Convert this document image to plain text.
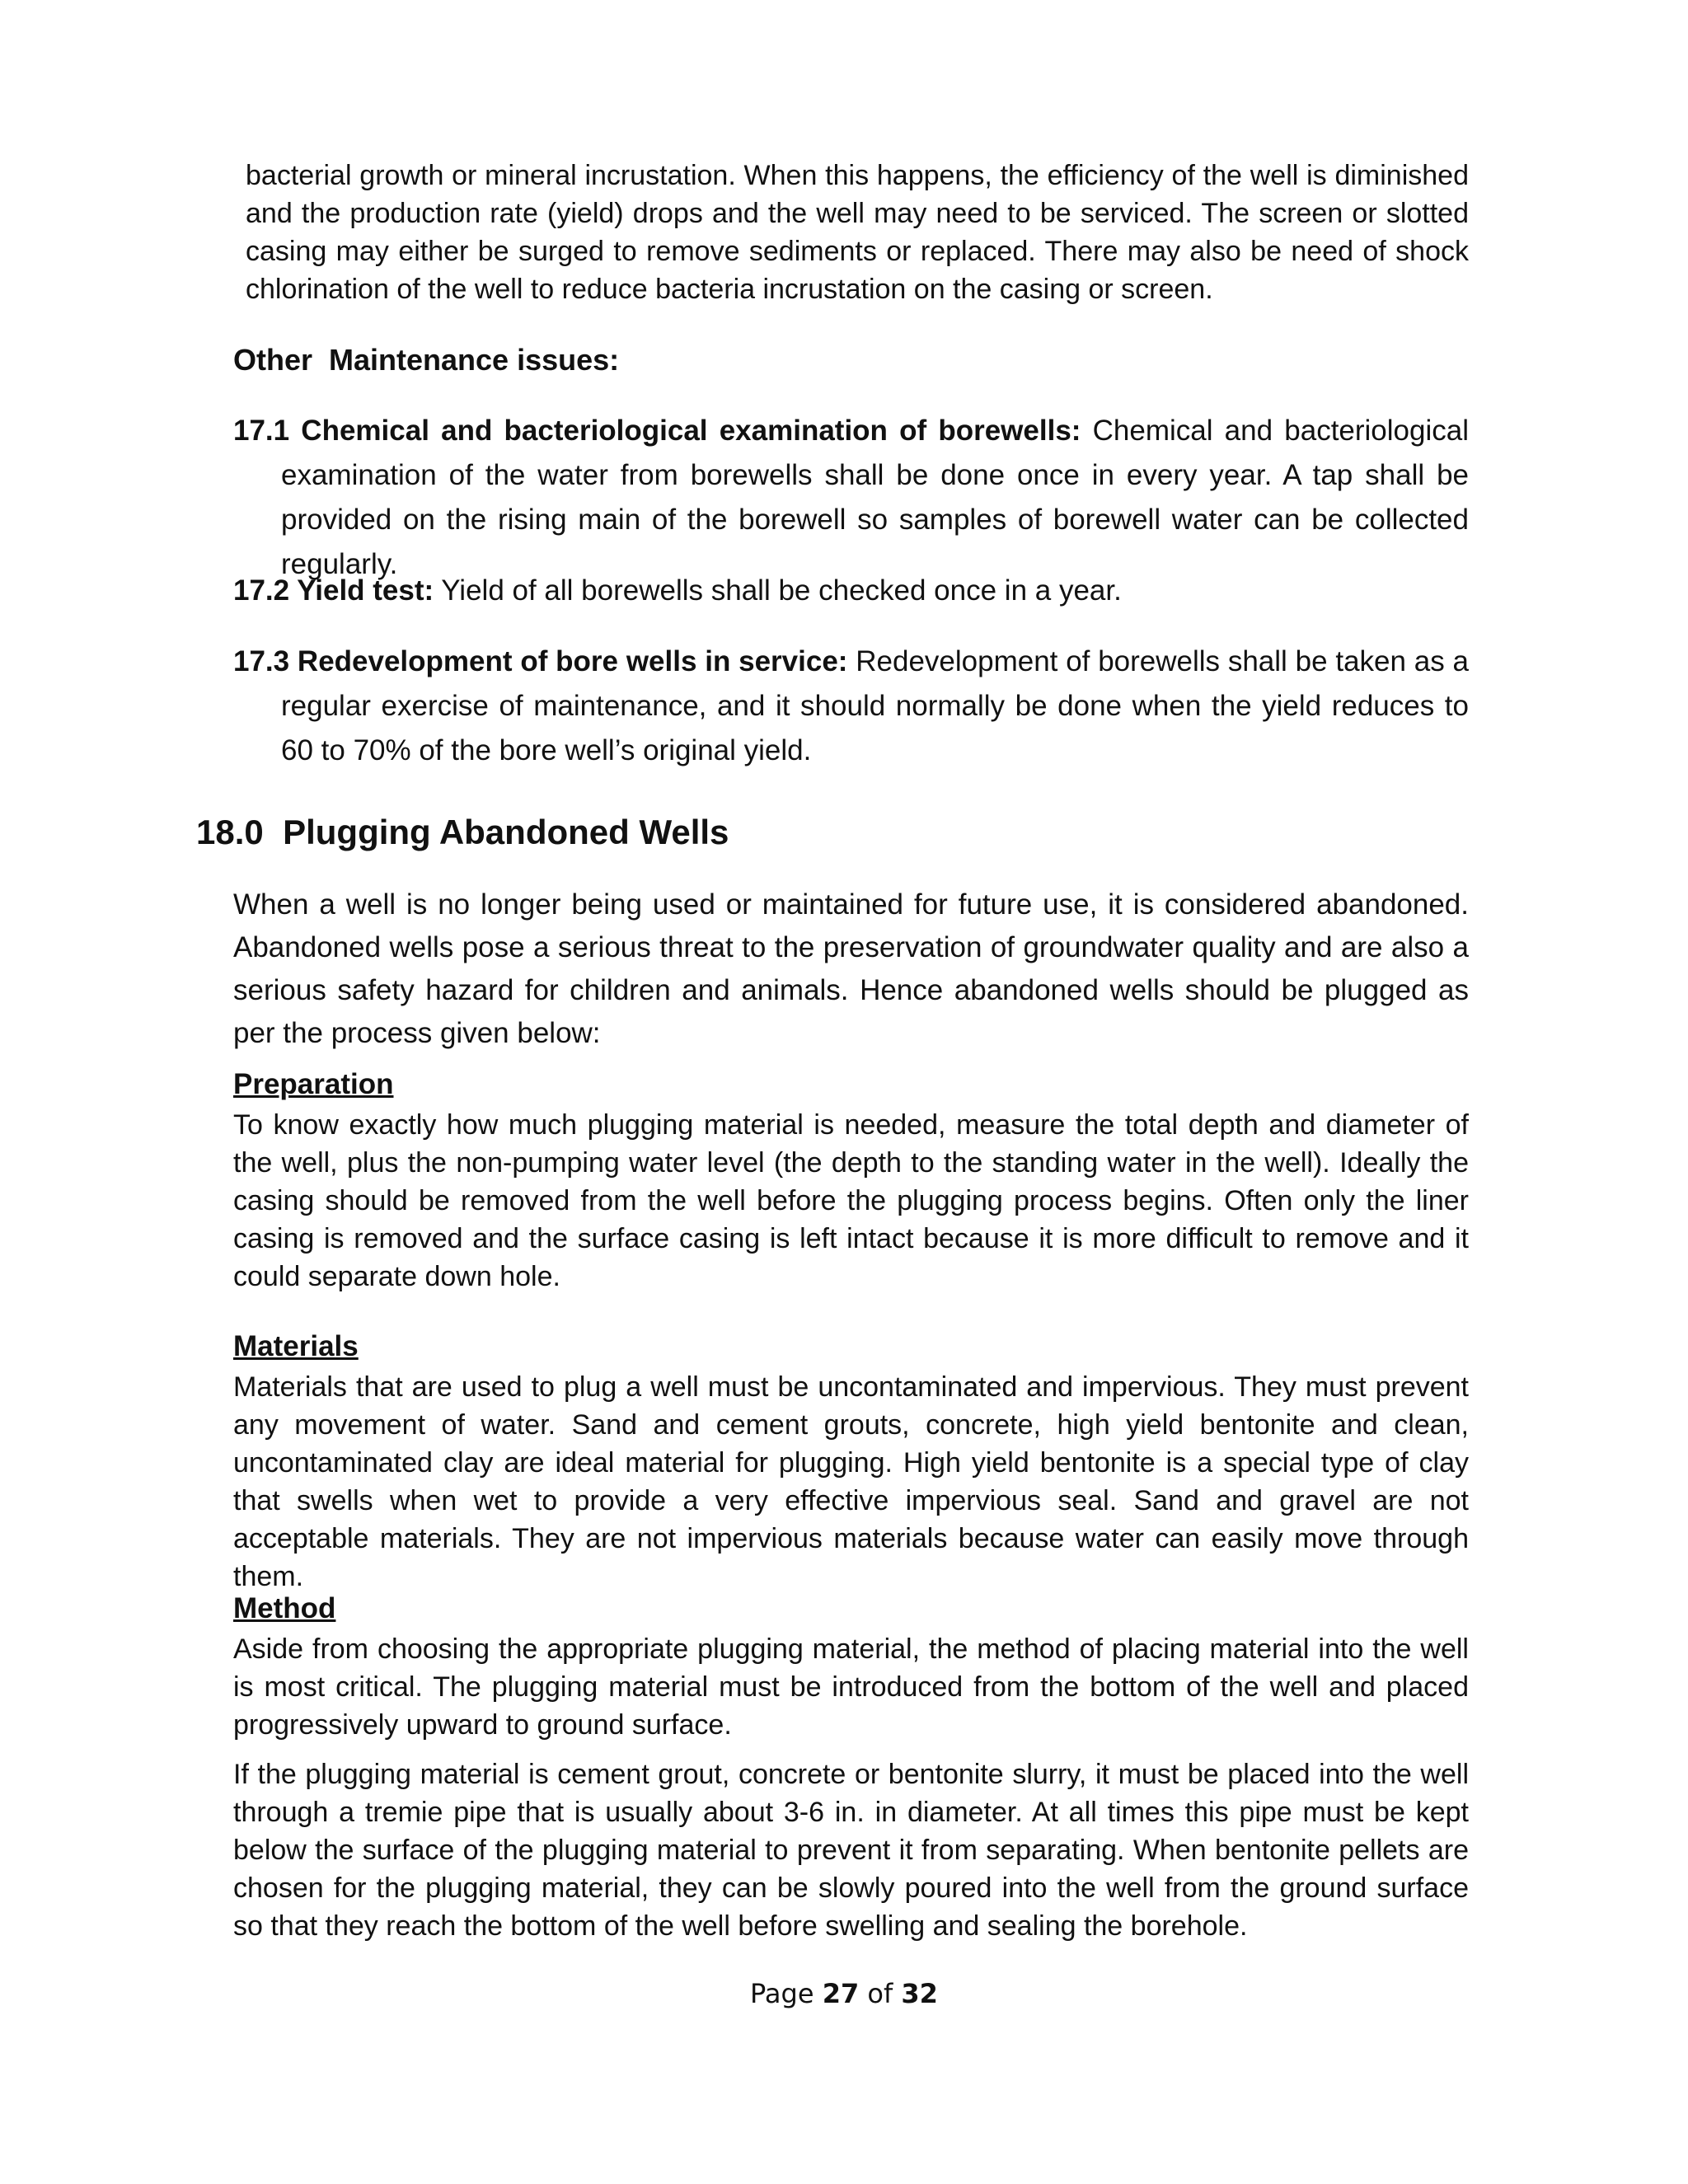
bacterial growth or mineral incrustation. When this happens, the efficiency of the well is diminished and the production rate (yield) drops and the well may need to be serviced. The screen or slotted casing may either be surged to remove sediments or replaced. There may also be need of shock chlorination of the well to reduce bacteria incrustation on the casing or screen.

Other  Maintenance issues:

17.1 Chemical and bacteriological examination of borewells: Chemical and bacteriological examination of the water from borewells shall be done once in every year. A tap shall be provided on the rising main of the borewell so samples of borewell water can be collected regularly.

17.2 Yield test: Yield of all borewells shall be checked once in a year.

17.3 Redevelopment of bore wells in service: Redevelopment of borewells shall be taken as a regular exercise of maintenance, and it should normally be done when the yield reduces to 60 to 70% of the bore well’s original yield.

18.0  Plugging Abandoned Wells

When a well is no longer being used or maintained for future use, it is considered abandoned. Abandoned wells pose a serious threat to the preservation of groundwater quality and are also a serious safety hazard for children and animals. Hence abandoned wells should be plugged as per the process given below:

Preparation

To know exactly how much plugging material is needed, measure the total depth and diameter of the well, plus the non-pumping water level (the depth to the standing water in the well). Ideally the casing should be removed from the well before the plugging process begins. Often only the liner casing is removed and the surface casing is left intact because it is more difficult to remove and it could separate down hole.

Materials

Materials that are used to plug a well must be uncontaminated and impervious. They must prevent any movement of water. Sand and cement grouts, concrete, high yield bentonite and clean, uncontaminated clay are ideal material for plugging. High yield bentonite is a special type of clay that swells when wet to provide a very effective impervious seal. Sand and gravel are not acceptable materials. They are not impervious materials because water can easily move through them.

Method

Aside from choosing the appropriate plugging material, the method of placing material into the well is most critical. The plugging material must be introduced from the bottom of the well and placed progressively upward to ground surface.

If the plugging material is cement grout, concrete or bentonite slurry, it must be placed into the well through a tremie pipe that is usually about 3-6 in. in diameter. At all times this pipe must be kept below the surface of the plugging material to prevent it from separating. When bentonite pellets are chosen for the plugging material, they can be slowly poured into the well from the ground surface so that they reach the bottom of the well before swelling and sealing the borehole.

Page 27 of 32
